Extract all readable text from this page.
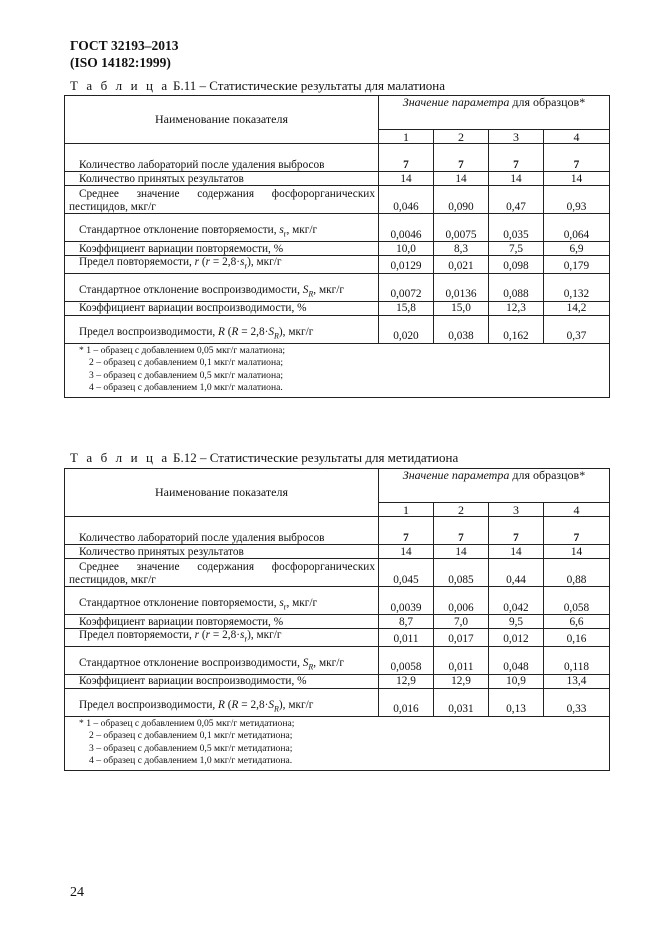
ГОСТ 32193–2013
(ISO 14182:1999)
Т а б л и ц а Б.11 – Статистические результаты для малатиона
Наименование показателя	Значение параметра для образцов*			
	1	2	3	4
Количество лабораторий после удаления выбросов	7	7	7	7
Количество принятых результатов	14	14	14	14
Среднее значение содержания фосфорорганических пестицидов, мкг/г	0,046	0,090	0,47	0,93
Стандартное отклонение повторяемости, $s_r$, мкг/г	0,0046	0,0075	0,035	0,064
Коэффициент вариации повторяемости, %	10,0	8,3	7,5	6,9
Предел повторяемости, r $(r = 2,8\cdot s_r)$, мкг/г	0,0129	0,021	0,098	0,179
Стандартное отклонение воспроизводимости, $S_R$, мкг/г	0,0072	0,0136	0,088	0,132
Коэффициент вариации воспроизводимости, %	15,8	15,0	12,3	14,2
Предел воспроизводимости, R $(R = 2,8\cdot S_R)$, мкг/г	0,020	0,038	0,162	0,37

* 1 – образец с добавлением 0,05 мкг/г малатиона;
2 – образец с добавлением 0,1 мкг/г малатиона;
3 – образец с добавлением 0,5 мкг/г малатиона;
4 – образец с добавлением 1,0 мкг/г малатиона.				
Т а б л и ц а Б.12 – Статистические результаты для метидатиона
Наименование показателя	Значение параметра для образцов*			
	1	2	3	4
Количество лабораторий после удаления выбросов	7	7	7	7
Количество принятых результатов	14	14	14	14
Среднее значение содержания фосфорорганических пестицидов, мкг/г	0,045	0,085	0,44	0,88
Стандартное отклонение повторяемости, $s_r$, мкг/г	0,0039	0,006	0,042	0,058
Коэффициент вариации повторяемости, %	8,7	7,0	9,5	6,6
Предел повторяемости, r $(r = 2,8\cdot s_r)$, мкг/г	0,011	0,017	0,012	0,16
Стандартное отклонение воспроизводимости, $S_R$, мкг/г	0,0058	0,011	0,048	0,118
Коэффициент вариации воспроизводимости, %	12,9	12,9	10,9	13,4
Предел воспроизводимости, R $(R = 2,8\cdot S_R)$, мкг/г	0,016	0,031	0,13	0,33

* 1 – образец с добавлением 0,05 мкг/г метидатиона;
2 – образец с добавлением 0,1 мкг/г метидатиона;
3 – образец с добавлением 0,5 мкг/г метидатиона;
4 – образец с добавлением 1,0 мкг/г метидатиона.				
24
